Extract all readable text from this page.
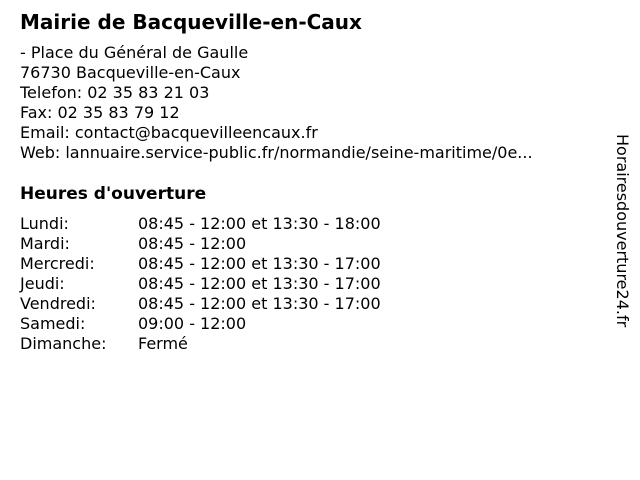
Mairie de Bacqueville-en-Caux
- Place du Général de Gaulle
76730 Bacqueville-en-Caux
Telefon: 02 35 83 21 03
Fax: 02 35 83 79 12
Email: contact@bacquevilleencaux.fr
Web: lannuaire.service-public.fr/normandie/seine-maritime/0e...
Heures d'ouverture
Lundi:	08:45 - 12:00 et 13:30 - 18:00
Mardi:	08:45 - 12:00
Mercredi:	08:45 - 12:00 et 13:30 - 17:00
Jeudi:	08:45 - 12:00 et 13:30 - 17:00
Vendredi:	08:45 - 12:00 et 13:30 - 17:00
Samedi:	09:00 - 12:00
Dimanche: Fermé
Horairesdouverture24.fr
